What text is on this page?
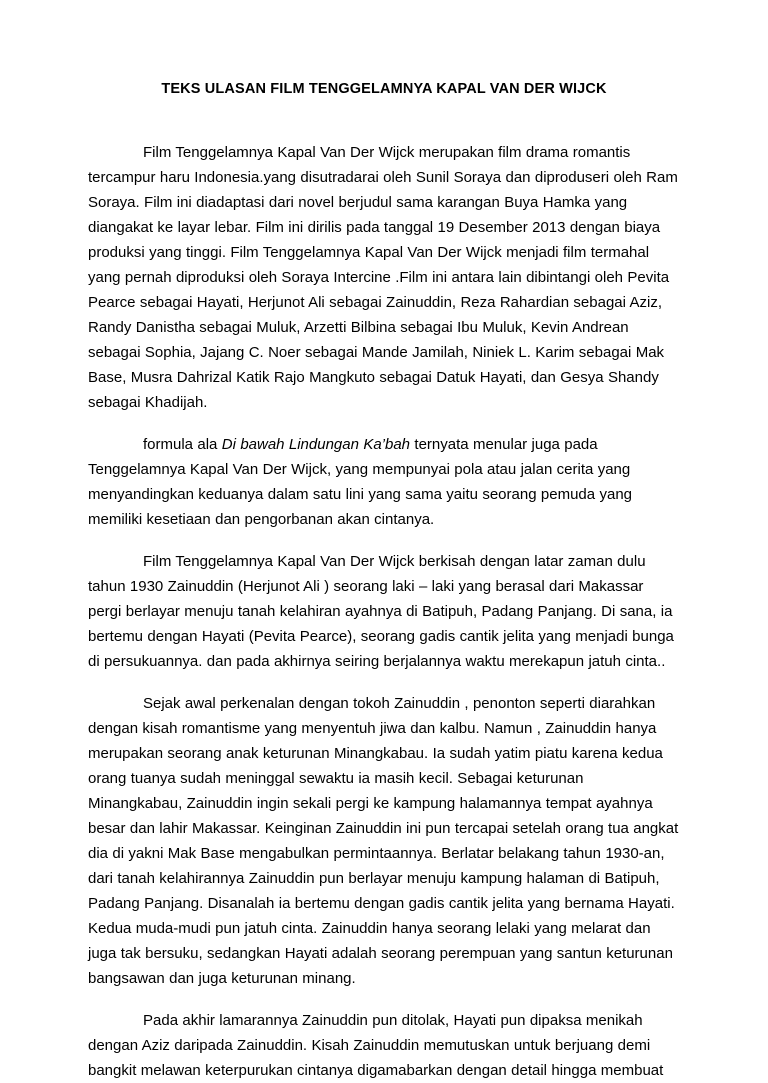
TEKS ULASAN FILM TENGGELAMNYA KAPAL VAN DER WIJCK

Film Tenggelamnya Kapal Van Der Wijck merupakan film drama romantis tercampur haru Indonesia.yang disutradarai oleh Sunil Soraya dan diproduseri oleh Ram Soraya. Film ini diadaptasi dari novel berjudul sama karangan Buya Hamka yang diangakat ke layar lebar. Film ini dirilis pada tanggal 19 Desember 2013 dengan biaya produksi yang tinggi. Film Tenggelamnya Kapal Van Der Wijck menjadi film termahal yang pernah diproduksi oleh Soraya Intercine .Film ini antara lain dibintangi oleh Pevita Pearce sebagai Hayati, Herjunot Ali sebagai Zainuddin, Reza Rahardian sebagai Aziz, Randy Danistha sebagai Muluk, Arzetti Bilbina sebagai Ibu Muluk, Kevin Andrean sebagai Sophia, Jajang C. Noer sebagai Mande Jamilah, Niniek L. Karim sebagai Mak Base, Musra Dahrizal Katik Rajo Mangkuto sebagai Datuk Hayati, dan Gesya Shandy sebagai Khadijah.

formula ala Di bawah Lindungan Ka’bah ternyata menular juga pada Tenggelamnya Kapal Van Der Wijck, yang mempunyai pola atau jalan cerita yang menyandingkan keduanya dalam satu lini yang sama yaitu seorang pemuda yang memiliki kesetiaan dan pengorbanan akan cintanya.

Film Tenggelamnya Kapal Van Der Wijck berkisah dengan latar zaman dulu tahun 1930 Zainuddin (Herjunot Ali ) seorang laki – laki yang berasal dari Makassar pergi berlayar menuju tanah kelahiran ayahnya di Batipuh, Padang Panjang. Di sana, ia bertemu dengan Hayati (Pevita Pearce), seorang gadis cantik jelita yang menjadi bunga di persukuannya. dan pada akhirnya seiring berjalannya waktu merekapun jatuh cinta..

Sejak awal perkenalan dengan tokoh Zainuddin , penonton seperti diarahkan dengan kisah romantisme yang menyentuh jiwa dan kalbu. Namun , Zainuddin hanya merupakan seorang anak keturunan Minangkabau. Ia sudah yatim piatu karena kedua orang tuanya sudah meninggal sewaktu ia masih kecil. Sebagai keturunan Minangkabau, Zainuddin ingin sekali pergi ke kampung halamannya tempat ayahnya besar dan lahir Makassar. Keinginan Zainuddin ini pun tercapai setelah orang tua angkat dia di yakni Mak Base mengabulkan permintaannya. Berlatar belakang tahun 1930-an, dari tanah kelahirannya Zainuddin pun berlayar menuju kampung halaman di Batipuh, Padang Panjang. Disanalah ia bertemu dengan gadis cantik jelita yang bernama Hayati. Kedua muda-mudi pun jatuh cinta. Zainuddin hanya seorang lelaki yang melarat dan juga tak bersuku, sedangkan Hayati adalah seorang perempuan yang santun keturunan bangsawan dan juga keturunan minang.

Pada akhir lamarannya Zainuddin pun ditolak, Hayati pun dipaksa menikah dengan Aziz daripada Zainuddin. Kisah Zainuddin memutuskan untuk berjuang demi bangkit melawan keterpurukan cintanya digamabarkan dengan detail hingga membuat
